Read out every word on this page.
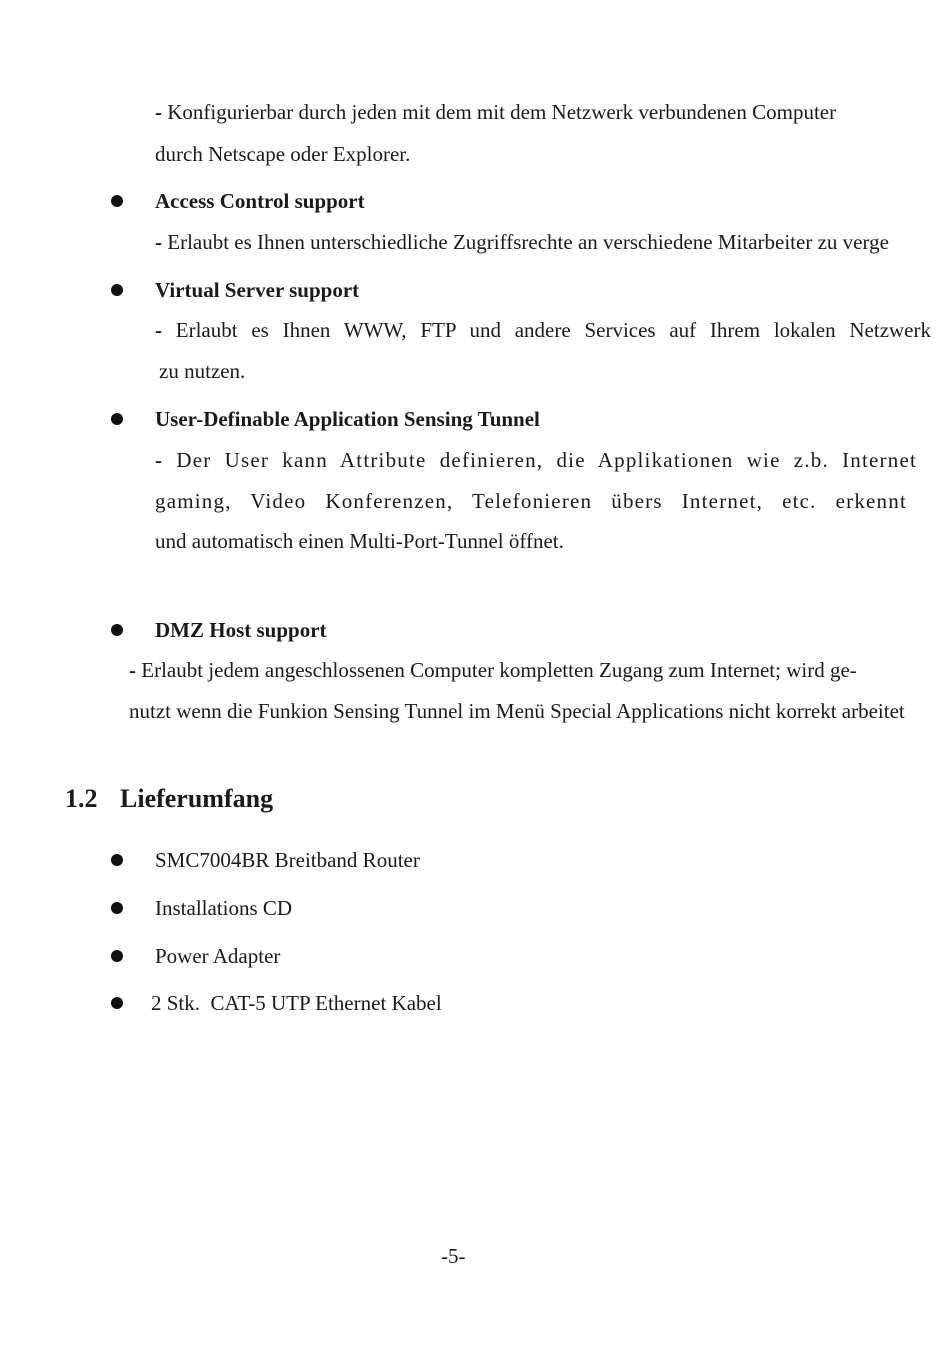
- Konfigurierbar durch jeden mit dem mit dem Netzwerk verbundenen Computer
durch Netscape oder Explorer.
Access Control support
- Erlaubt es Ihnen unterschiedliche Zugriffsrechte an verschiedene Mitarbeiter zu verge
Virtual Server support
- Erlaubt es Ihnen WWW, FTP und andere Services auf Ihrem lokalen Netzwerk
zu nutzen.
User-Definable Application Sensing Tunnel
- Der User kann Attribute definieren, die Applikationen wie z.b. Internet
gaming, Video Konferenzen, Telefonieren übers Internet, etc. erkennt
und automatisch einen Multi-Port-Tunnel öffnet.
DMZ Host support
- Erlaubt jedem angeschlossenen Computer kompletten Zugang zum Internet; wird ge-
nutzt wenn die Funkion Sensing Tunnel im Menü Special Applications nicht korrekt arbeitet
1.2 Lieferumfang
SMC7004BR Breitband Router
Installations CD
Power Adapter
2 Stk.  CAT-5 UTP Ethernet Kabel
-5-
